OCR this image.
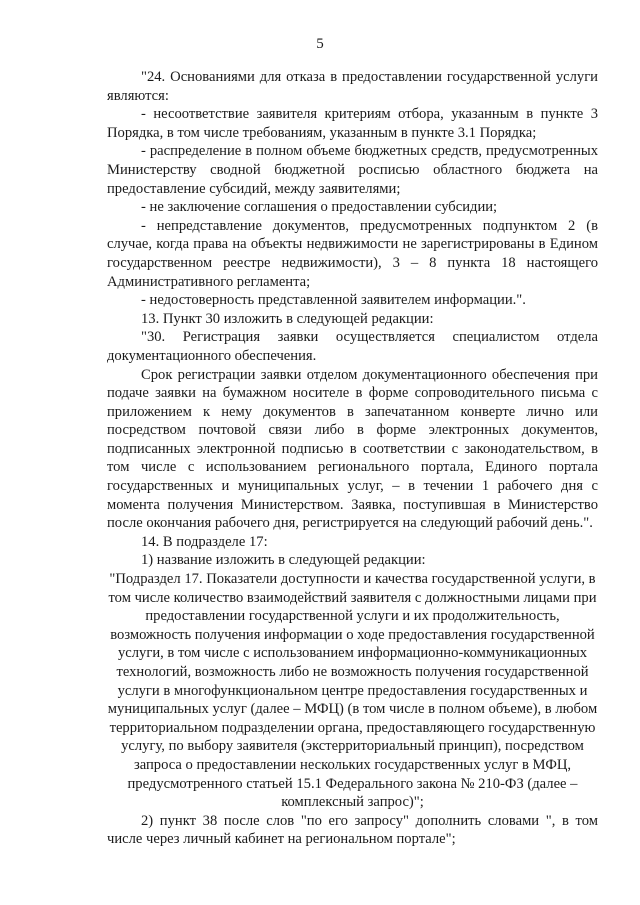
5

"24. Основаниями для отказа в предоставлении государственной услуги являются:

- несоответствие заявителя критериям отбора, указанным в пункте 3 Порядка, в том числе требованиям, указанным в пункте 3.1 Порядка;

- распределение в полном объеме бюджетных средств, предусмотренных Министерству сводной бюджетной росписью областного бюджета на предоставление субсидий, между заявителями;

- не заключение соглашения о предоставлении субсидии;

- непредставление документов, предусмотренных подпунктом 2 (в случае, когда права на объекты недвижимости не зарегистрированы в Едином государственном реестре недвижимости), 3 – 8 пункта 18 настоящего Административного регламента;

- недостоверность представленной заявителем информации.".

13. Пункт 30 изложить в следующей редакции:

"30. Регистрация заявки осуществляется специалистом отдела документационного обеспечения.

Срок регистрации заявки отделом документационного обеспечения при подаче заявки на бумажном носителе в форме сопроводительного письма с приложением к нему документов в запечатанном конверте лично или посредством почтовой связи либо в форме электронных документов, подписанных электронной подписью в соответствии с законодательством, в том числе с использованием регионального портала, Единого портала государственных и муниципальных услуг, – в течении 1 рабочего дня с момента получения Министерством. Заявка, поступившая в Министерство после окончания рабочего дня, регистрируется на следующий рабочий день.".

14. В подразделе 17:

1) название изложить в следующей редакции:

"Подраздел 17. Показатели доступности и качества государственной услуги, в том числе количество взаимодействий заявителя с должностными лицами при предоставлении государственной услуги и их продолжительность, возможность получения информации о ходе предоставления государственной услуги, в том числе с использованием информационно-коммуникационных технологий, возможность либо не возможность получения государственной услуги в многофункциональном центре предоставления государственных и муниципальных услуг (далее – МФЦ) (в том числе в полном объеме), в любом территориальном подразделении органа, предоставляющего государственную услугу, по выбору заявителя (экстерриториальный принцип), посредством запроса о предоставлении нескольких государственных услуг в МФЦ, предусмотренного статьей 15.1 Федерального закона № 210-ФЗ (далее – комплексный запрос)";

2) пункт 38 после слов "по его запросу" дополнить словами ", в том числе через личный кабинет на региональном портале";
